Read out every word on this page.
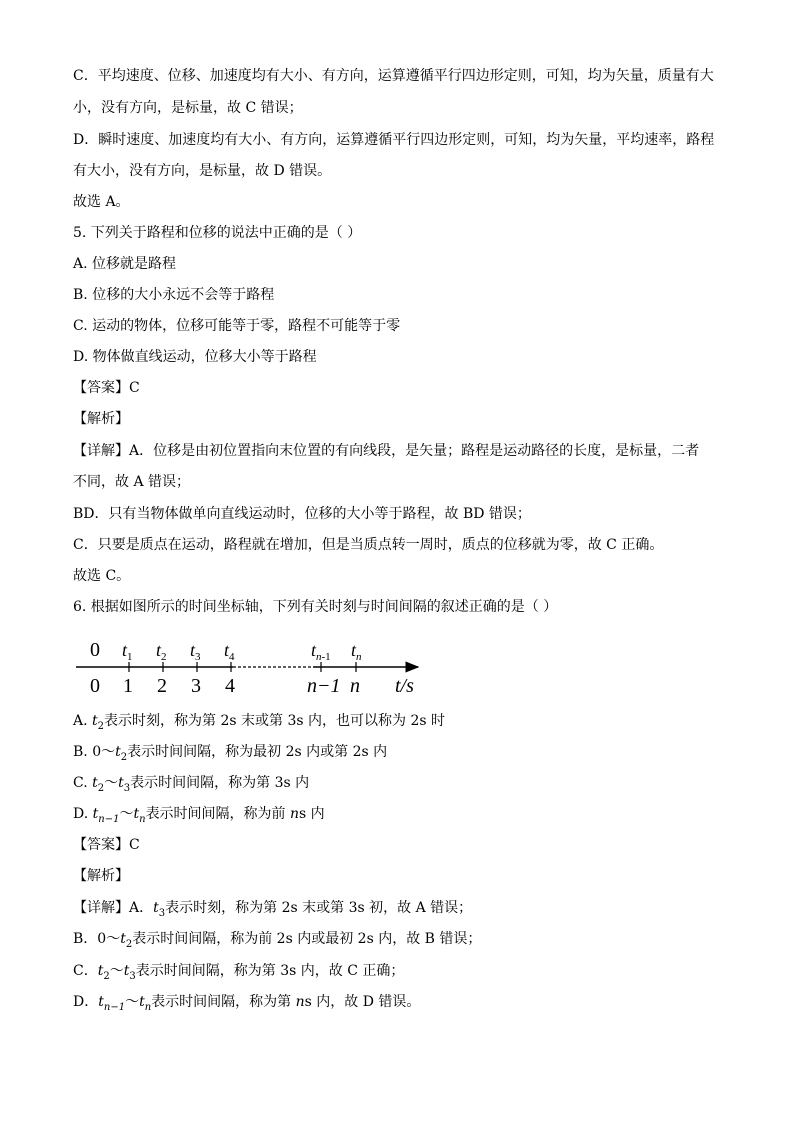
C．平均速度、位移、加速度均有大小、有方向，运算遵循平行四边形定则，可知，均为矢量，质量有大
小，没有方向，是标量，故 C 错误；
D．瞬时速度、加速度均有大小、有方向，运算遵循平行四边形定则，可知，均为矢量，平均速率，路程
有大小，没有方向，是标量，故 D 错误。
故选 A。
5. 下列关于路程和位移的说法中正确的是（ ）
A. 位移就是路程
B. 位移的大小永远不会等于路程
C. 运动的物体，位移可能等于零，路程不可能等于零
D. 物体做直线运动，位移大小等于路程
【答案】C
【解析】
【详解】A．位移是由初位置指向末位置的有向线段，是矢量；路程是运动路径的长度，是标量，二者
不同，故 A 错误；
BD．只有当物体做单向直线运动时，位移的大小等于路程，故 BD 错误；
C．只要是质点在运动，路程就在增加，但是当质点转一周时，质点的位移就为零，故 C 正确。
故选 C。
6. 根据如图所示的时间坐标轴，下列有关时刻与时间间隔的叙述正确的是（ ）
0 $t_1$ $t_2$ $t_3$ $t_4$	$t_n-1$ $t_n$
0 1 2 3 4	n−1 n t/s
A. $t_2$表示时刻，称为第 2s 末或第 3s 内，也可以称为 2s 时
B. $0\sim t_2$表示时间间隔，称为最初 2s 内或第 2s 内
C. $t_2\sim t_3$表示时间间隔，称为第 3s 内
D. $t_{n-1}\sim t_n$表示时间间隔，称为前 ns 内
【答案】C
【解析】
【详解】A．$t_3$表示时刻，称为第 2s 末或第 3s 初，故 A 错误；
B．$0\sim t_2$表示时间间隔，称为前 2s 内或最初 2s 内，故 B 错误；
C．$t_2\sim t_3$表示时间间隔，称为第 3s 内，故 C 正确；
D．$t_{n-1}\sim t_n$表示时间间隔，称为第 ns 内，故 D 错误。
